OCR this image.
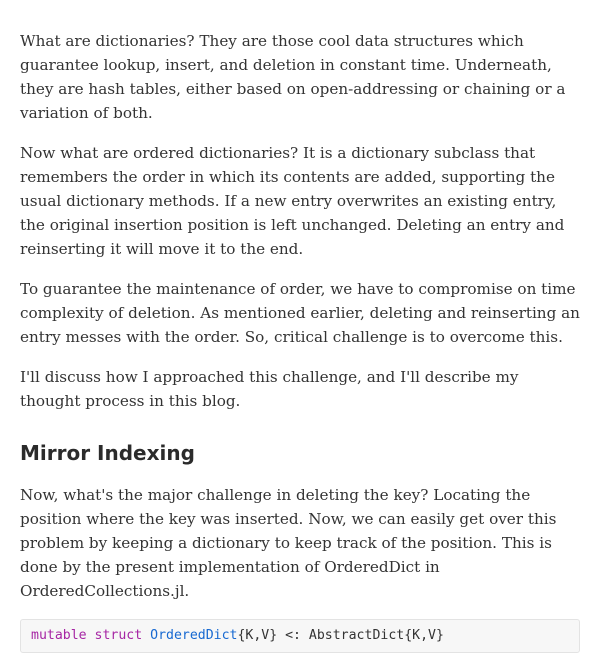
What are dictionaries? They are those cool data structures which guarantee lookup, insert, and deletion in constant time. Underneath, they are hash tables, either based on open-addressing or chaining or a variation of both.

Now what are ordered dictionaries? It is a dictionary subclass that remembers the order in which its contents are added, supporting the usual dictionary methods. If a new entry overwrites an existing entry, the original insertion position is left unchanged. Deleting an entry and reinserting it will move it to the end.

To guarantee the maintenance of order, we have to compromise on time complexity of deletion. As mentioned earlier, deleting and reinserting an entry messes with the order. So, critical challenge is to overcome this.

I'll discuss how I approached this challenge, and I'll describe my thought process in this blog.

Mirror Indexing

Now, what's the major challenge in deleting the key? Locating the position where the key was inserted. Now, we can easily get over this problem by keeping a dictionary to keep track of the position. This is done by the present implementation of OrderedDict in OrderedCollections.jl.

mutable struct OrderedDict{K,V} <: AbstractDict{K,V}
